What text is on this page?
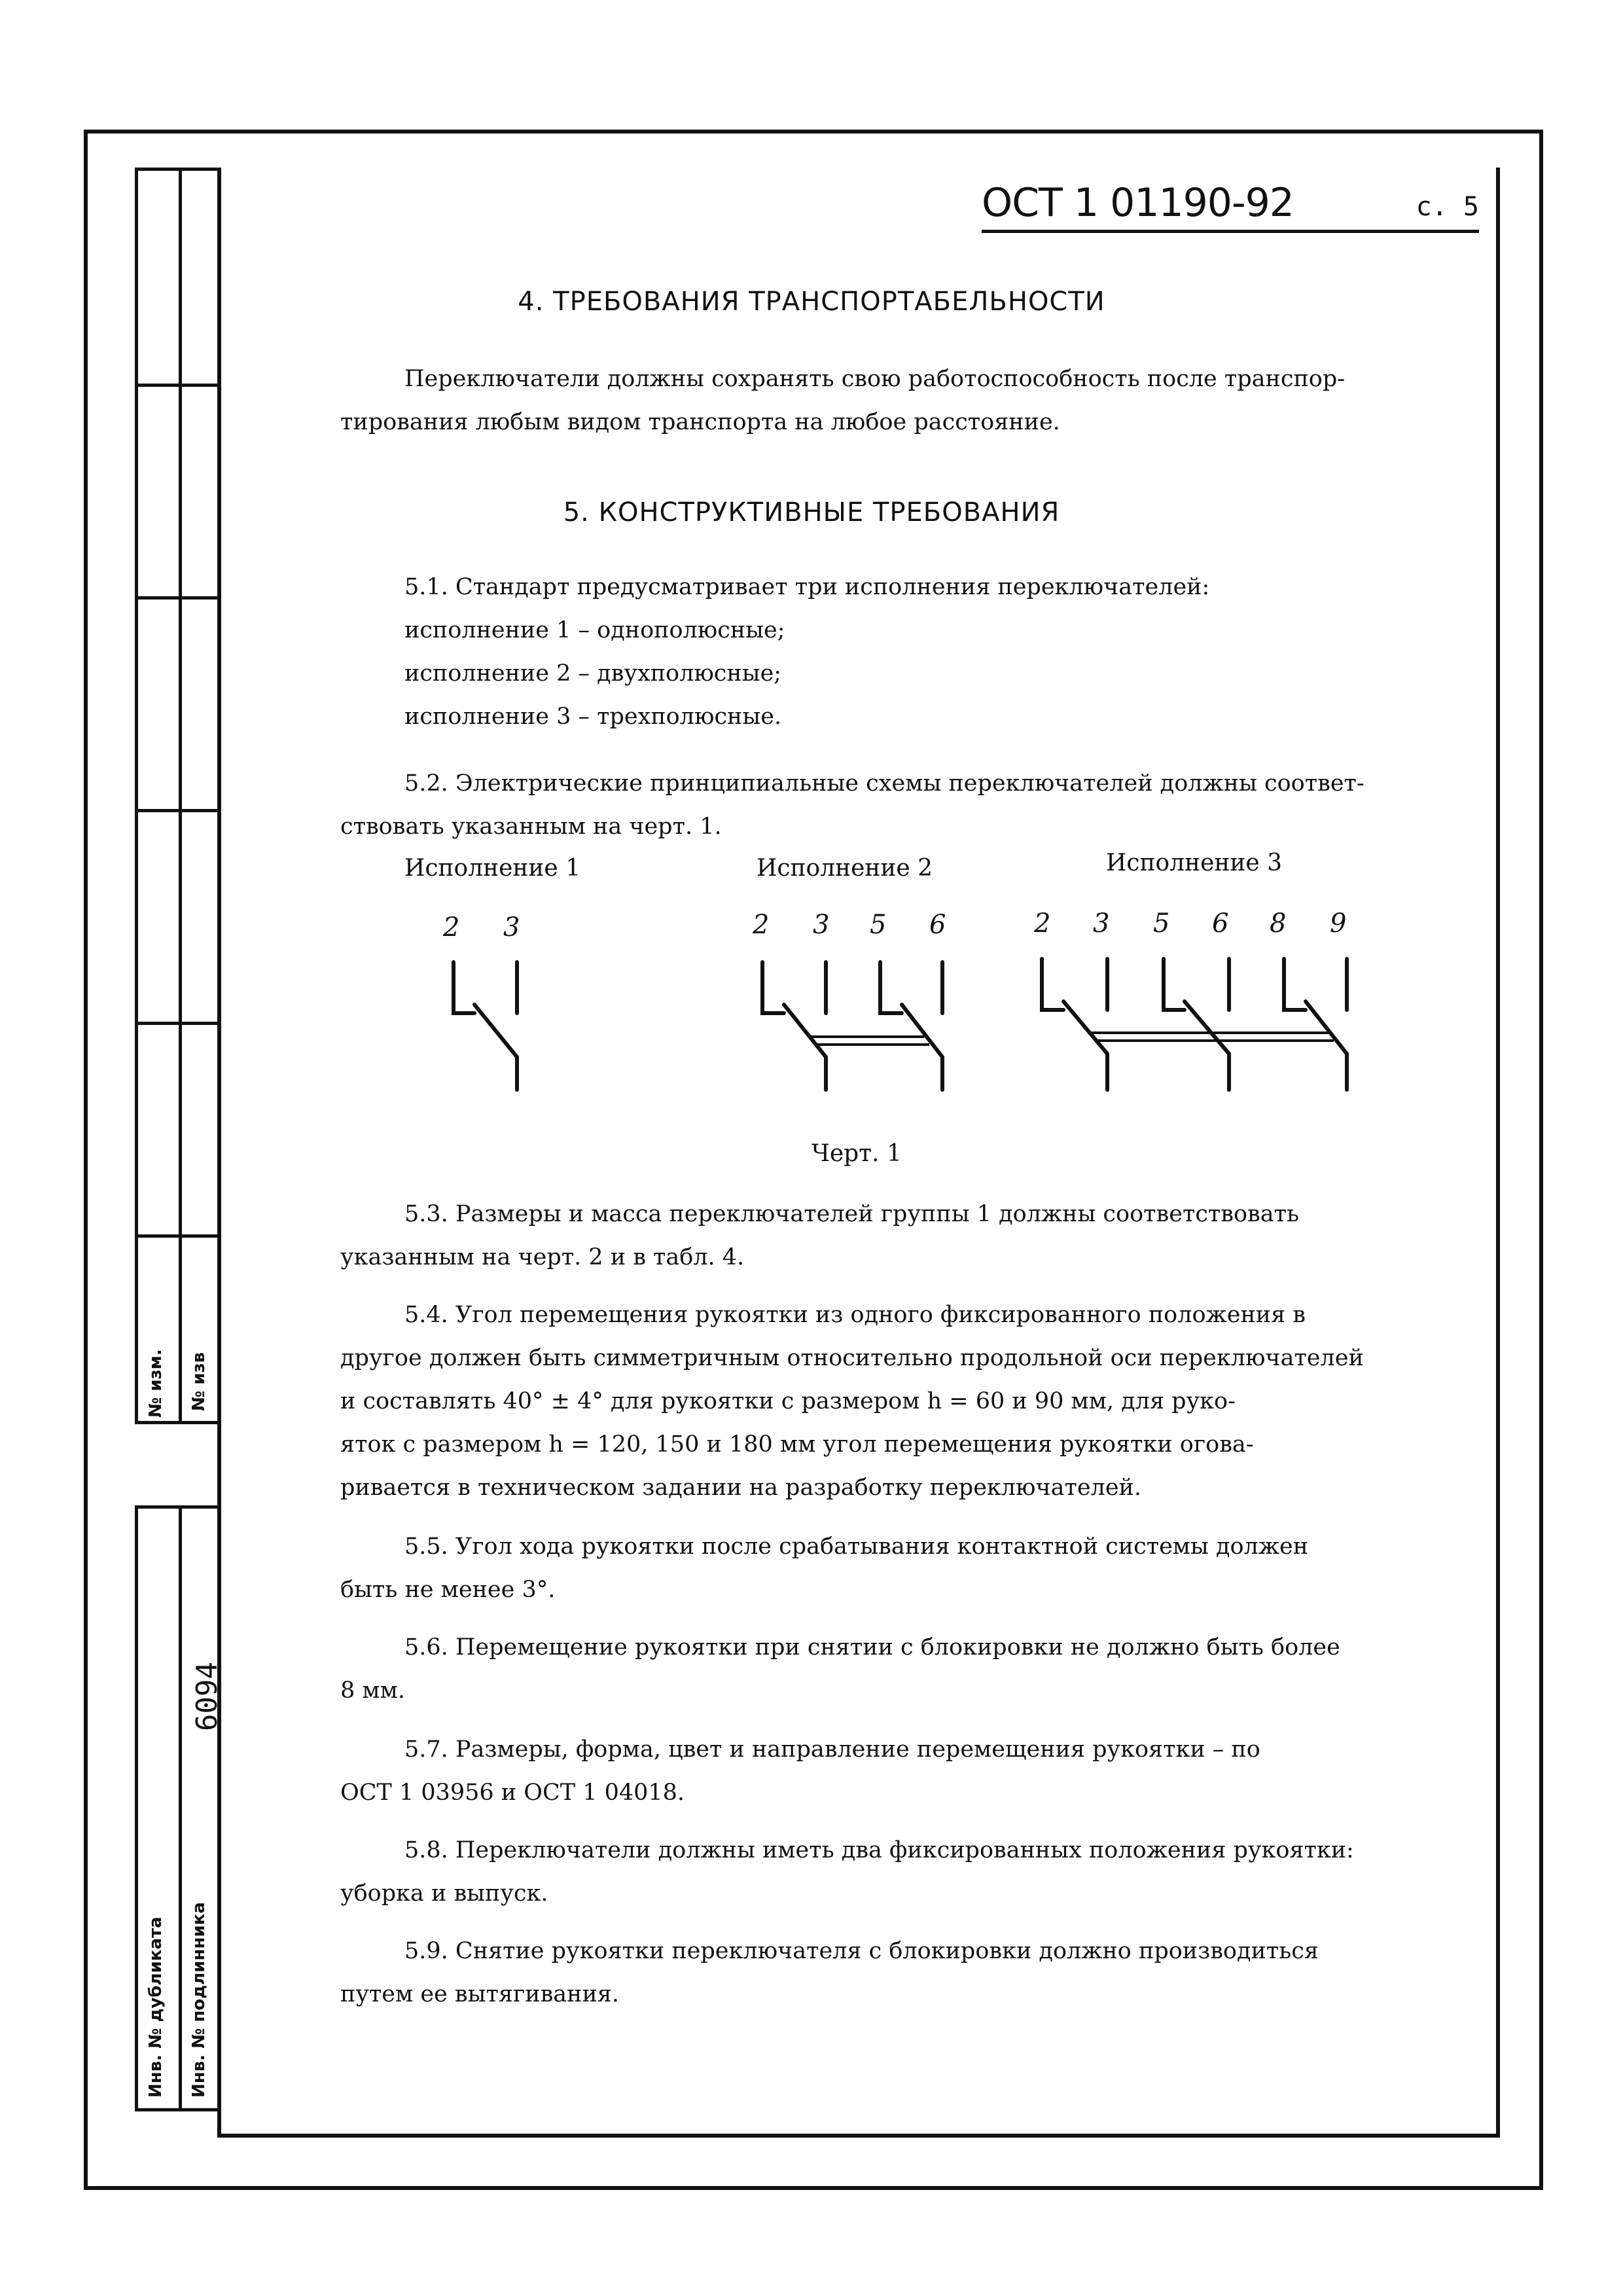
№ изм. № изв
6094
Инв. № дубликата Инв. № подлинника
ОСТ 1 01190-92	с. 5
4. ТРЕБОВАНИЯ ТРАНСПОРТАБЕЛЬНОСТИ

Переключатели должны сохранять свою работоспособность после транспор-

тирования любым видом транспорта на любое расстояние.

5. КОНСТРУКТИВНЫЕ ТРЕБОВАНИЯ

5.1. Стандарт предусматривает три исполнения переключателей:

исполнение 1 – однополюсные;

исполнение 2 – двухполюсные;

исполнение 3 – трехполюсные.

5.2. Электрические принципиальные схемы переключателей должны соответ-

ствовать указанным на черт. 1.

Исполнение 1	Исполнение 2	Исполнение 3
2 3	2 3 5 6	2 3 5 6 8 9
Черт. 1

5.3. Размеры и масса переключателей группы 1 должны соответствовать

указанным на черт. 2 и в табл. 4.

5.4. Угол перемещения рукоятки из одного фиксированного положения в

другое должен быть симметричным относительно продольной оси переключателей

и составлять 40° ± 4° для рукоятки с размером h = 60 и 90 мм, для руко-

яток с размером h = 120, 150 и 180 мм угол перемещения рукоятки огова-

ривается в техническом задании на разработку переключателей.

5.5. Угол хода рукоятки после срабатывания контактной системы должен

быть не менее 3°.

5.6. Перемещение рукоятки при снятии с блокировки не должно быть более

8 мм.

5.7. Размеры, форма, цвет и направление перемещения рукоятки – по

ОСТ 1 03956 и ОСТ 1 04018.

5.8. Переключатели должны иметь два фиксированных положения рукоятки:

уборка и выпуск.

5.9. Снятие рукоятки переключателя с блокировки должно производиться

путем ее вытягивания.
